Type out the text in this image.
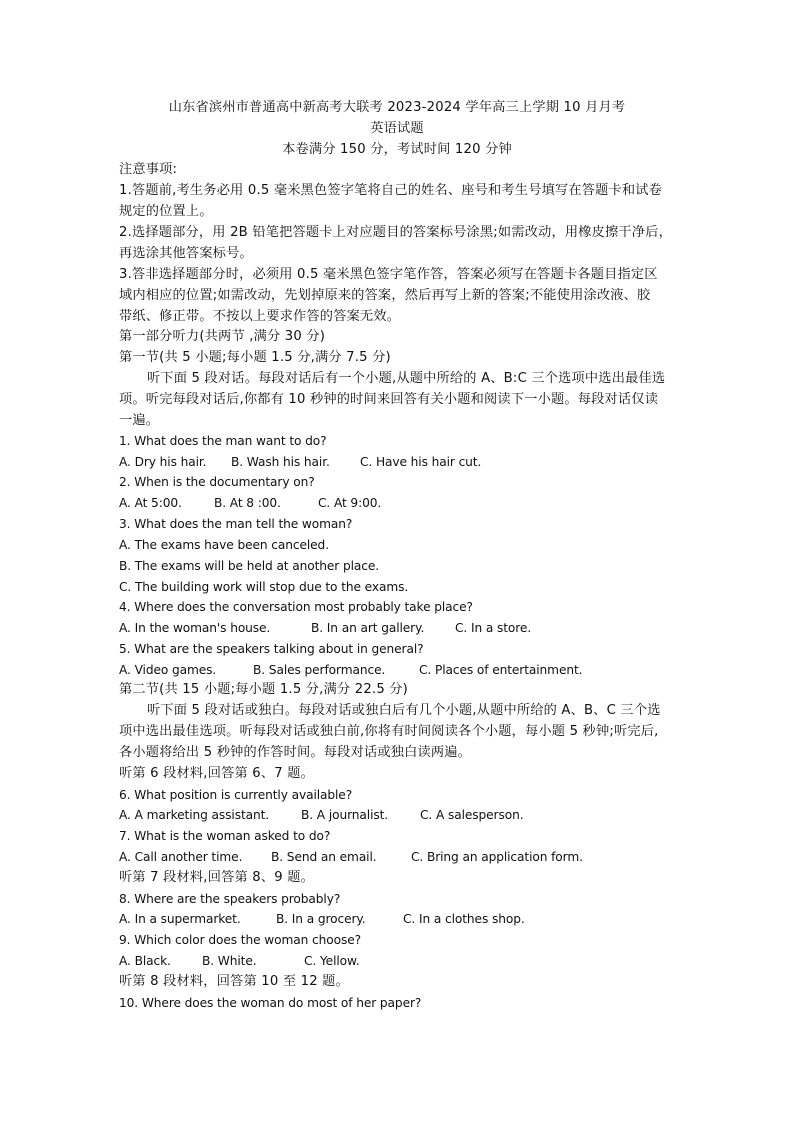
山东省滨州市普通高中新高考大联考 2023-2024 学年高三上学期 10 月月考
英语试题
本卷满分 150 分，考试时间 120 分钟
注意事项:
1.答题前,考生务必用 0.5 毫米黑色签字笔将自己的姓名、座号和考生号填写在答题卡和试卷
规定的位置上。
2.选择题部分，用 2B 铅笔把答题卡上对应题目的答案标号涂黑;如需改动，用橡皮擦干净后，
再选涂其他答案标号。
3.答非选择题部分时，必须用 0.5 毫米黑色签字笔作答，答案必须写在答题卡各题目指定区
域内相应的位置;如需改动，先划掉原来的答案，然后再写上新的答案;不能使用涂改液、胶
带纸、修正带。不按以上要求作答的答案无效。
第一部分听力(共两节 ,满分 30 分)
第一节(共 5 小题;每小题 1.5 分,满分 7.5 分)
听下面 5 段对话。每段对话后有一个小题,从题中所给的 A、B:C 三个选项中选出最佳选
项。听完每段对话后,你都有 10 秒钟的时间来回答有关小题和阅读下一小题。每段对话仅读
一遍。
1. What does the man want to do?
A. Dry his hair. B. Wash his hair. C. Have his hair cut.
2. When is the documentary on?
A. At 5:00.	B. At 8 :00.	C. At 9:00.
3. What does the man tell the woman?
A. The exams have been canceled.
B. The exams will be held at another place.
C. The building work will stop due to the exams.
4. Where does the conversation most probably take place?
A. In the woman's house.	B. In an art gallery.	C. In a store.
5. What are the speakers talking about in general?
A. Video games.	B. Sales performance.	C. Places of entertainment.
第二节(共 15 小题;每小题 1.5 分,满分 22.5 分)
听下面 5 段对话或独白。每段对话或独白后有几个小题,从题中所给的 A、B、C 三个选
项中选出最佳选项。听每段对话或独白前,你将有时间阅读各个小题，每小题 5 秒钟;听完后,
各小题将给出 5 秒钟的作答时间。每段对话或独白读两遍。
听第 6 段材料,回答第 6、7 题。
6. What position is currently available?
A. A marketing assistant.	B. A journalist.	C. A salesperson.
7. What is the woman asked to do?
A. Call another time. B. Send an email.	C. Bring an application form.
听第 7 段材料,回答第 8、9 题。
8. Where are the speakers probably?
A. In a supermarket.	B. In a grocery.	C. In a clothes shop.
9. Which color does the woman choose?
A. Black.	B. White.	C. Yellow.
听第 8 段材料，回答第 10 至 12 题。
10. Where does the woman do most of her paper?
